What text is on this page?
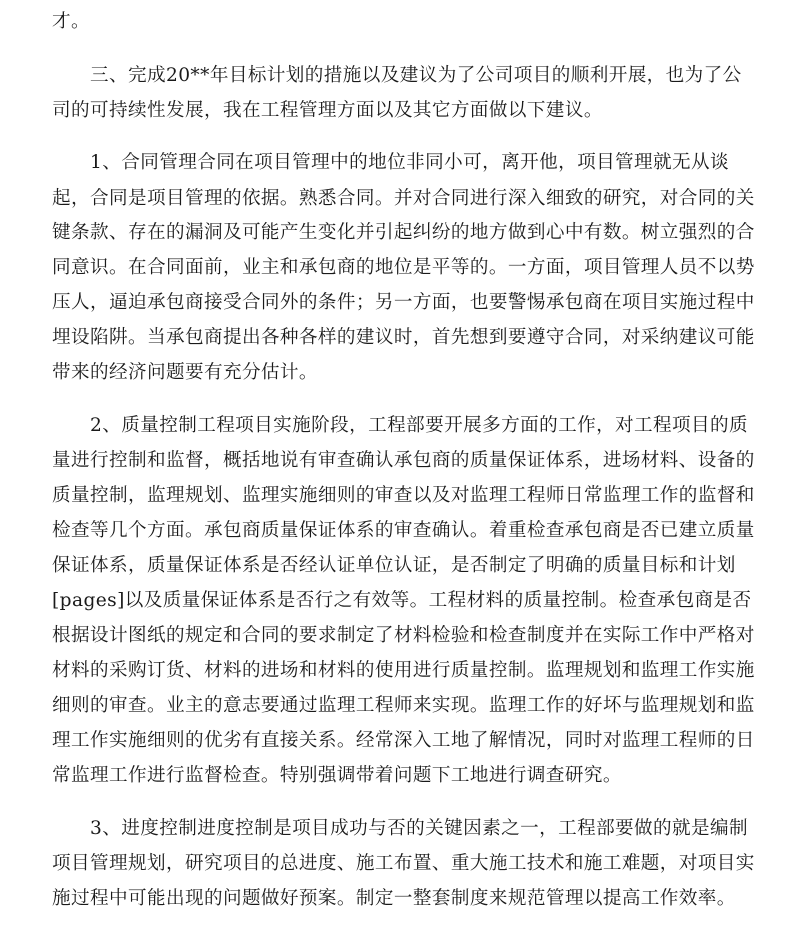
才。
三、完成20**年目标计划的措施以及建议为了公司项目的顺利开展，也为了公
司的可持续性发展，我在工程管理方面以及其它方面做以下建议。
1、合同管理合同在项目管理中的地位非同小可，离开他，项目管理就无从谈
起，合同是项目管理的依据。熟悉合同。并对合同进行深入细致的研究，对合同的关
键条款、存在的漏洞及可能产生变化并引起纠纷的地方做到心中有数。树立强烈的合
同意识。在合同面前，业主和承包商的地位是平等的。一方面，项目管理人员不以势
压人，逼迫承包商接受合同外的条件；另一方面，也要警惕承包商在项目实施过程中
埋设陷阱。当承包商提出各种各样的建议时，首先想到要遵守合同，对采纳建议可能
带来的经济问题要有充分估计。
2、质量控制工程项目实施阶段，工程部要开展多方面的工作，对工程项目的质
量进行控制和监督，概括地说有审查确认承包商的质量保证体系，进场材料、设备的
质量控制，监理规划、监理实施细则的审查以及对监理工程师日常监理工作的监督和
检查等几个方面。承包商质量保证体系的审查确认。着重检查承包商是否已建立质量
保证体系，质量保证体系是否经认证单位认证，是否制定了明确的质量目标和计划
[pages]以及质量保证体系是否行之有效等。工程材料的质量控制。检查承包商是否
根据设计图纸的规定和合同的要求制定了材料检验和检查制度并在实际工作中严格对
材料的采购订货、材料的进场和材料的使用进行质量控制。监理规划和监理工作实施
细则的审查。业主的意志要通过监理工程师来实现。监理工作的好坏与监理规划和监
理工作实施细则的优劣有直接关系。经常深入工地了解情况，同时对监理工程师的日
常监理工作进行监督检查。特别强调带着问题下工地进行调查研究。
3、进度控制进度控制是项目成功与否的关键因素之一，工程部要做的就是编制
项目管理规划，研究项目的总进度、施工布置、重大施工技术和施工难题，对项目实
施过程中可能出现的问题做好预案。制定一整套制度来规范管理以提高工作效率。
